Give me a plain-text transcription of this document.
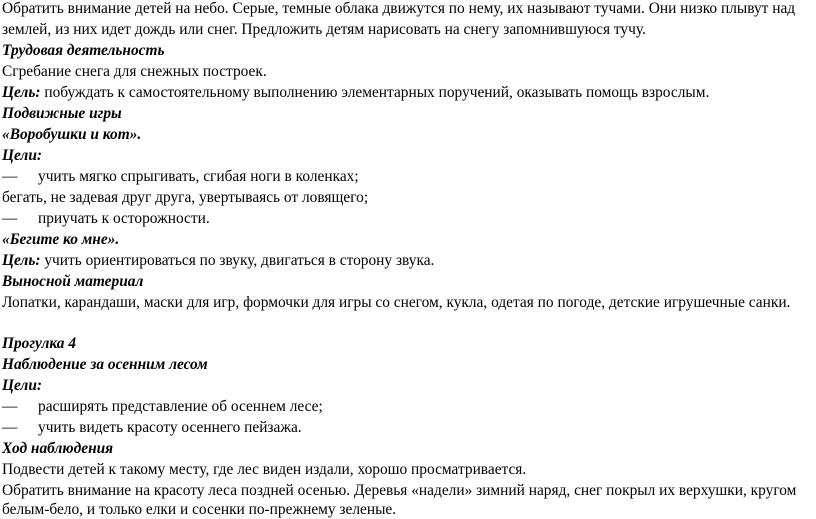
Обратить внимание детей на небо. Серые, темные облака движутся по нему, их называют тучами. Они низко плывут над
землей, из них идет дождь или снег. Предложить детям нарисовать на снегу запомнившуюся тучу.
Трудовая деятельность
Сгребание снега для снежных построек.
Цель: побуждать к самостоятельному выполнению элементарных поручений, оказывать помощь взрослым.
Подвижные игры
«Воробушки и кот».
Цели:
— учить мягко спрыгивать, сгибая ноги в коленках;
бегать, не задевая друг друга, увертываясь от ловящего;
— приучать к осторожности.
«Бегите ко мне».
Цель: учить ориентироваться по звуку, двигаться в сторону звука.
Выносной материал
Лопатки, карандаши, маски для игр, формочки для игры со снегом, кукла, одетая по погоде, детские игрушечные санки.
Прогулка 4
Наблюдение за осенним лесом
Цели:
— расширять представление об осеннем лесе;
— учить видеть красоту осеннего пейзажа.
Ход наблюдения
Подвести детей к такому месту, где лес виден издали, хорошо просматривается.
Обратить внимание на красоту леса поздней осенью. Деревья «надели» зимний наряд, снег покрыл их верхушки, кругом
белым-бело, и только елки и сосенки по-прежнему зеленые.
